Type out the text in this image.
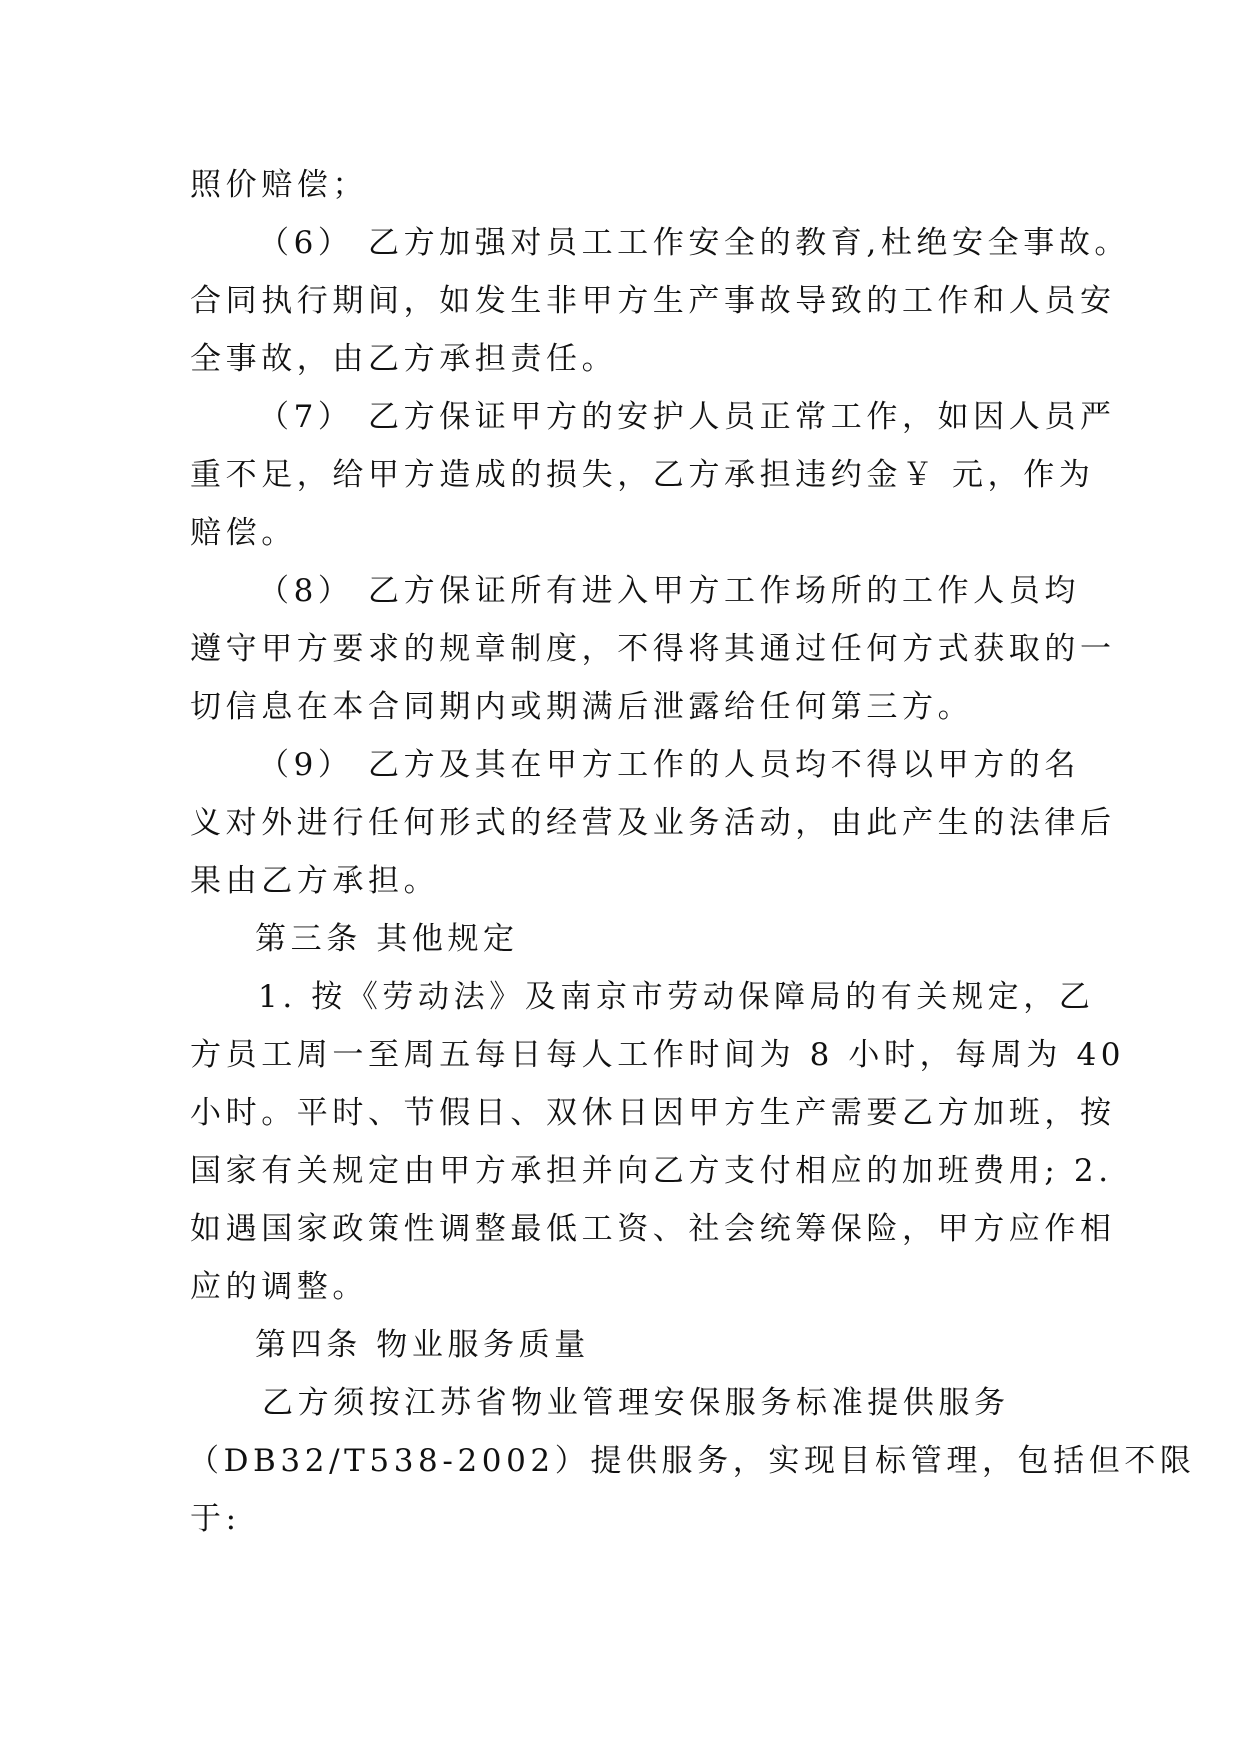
照价赔偿；
（6） 乙方加强对员工工作安全的教育,杜绝安全事故。
合同执行期间，如发生非甲方生产事故导致的工作和人员安
全事故，由乙方承担责任。
（7） 乙方保证甲方的安护人员正常工作，如因人员严
重不足，给甲方造成的损失，乙方承担违约金￥ 元，作为
赔偿。
（8） 乙方保证所有进入甲方工作场所的工作人员均
遵守甲方要求的规章制度，不得将其通过任何方式获取的一
切信息在本合同期内或期满后泄露给任何第三方。
（9） 乙方及其在甲方工作的人员均不得以甲方的名
义对外进行任何形式的经营及业务活动，由此产生的法律后
果由乙方承担。
第三条 其他规定
1. 按《劳动法》及南京市劳动保障局的有关规定，乙
方员工周一至周五每日每人工作时间为 8 小时，每周为 40
小时。平时、节假日、双休日因甲方生产需要乙方加班，按
国家有关规定由甲方承担并向乙方支付相应的加班费用; 2.
如遇国家政策性调整最低工资、社会统筹保险，甲方应作相
应的调整。
第四条 物业服务质量
乙方须按江苏省物业管理安保服务标准提供服务
（DB32/T538-2002）提供服务，实现目标管理，包括但不限
于:
